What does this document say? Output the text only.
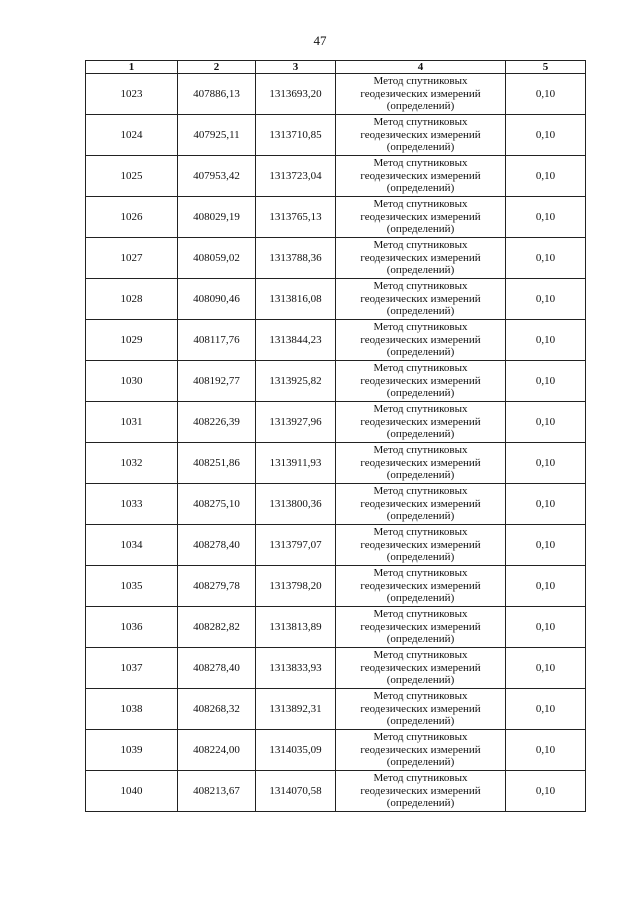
47
1	2	3	4	5
1023	407886,13	1313693,20	Метод спутниковых
геодезических измерений
(определений)	0,10
1024	407925,11	1313710,85	Метод спутниковых
геодезических измерений
(определений)	0,10
1025	407953,42	1313723,04	Метод спутниковых
геодезических измерений
(определений)	0,10
1026	408029,19	1313765,13	Метод спутниковых
геодезических измерений
(определений)	0,10
1027	408059,02	1313788,36	Метод спутниковых
геодезических измерений
(определений)	0,10
1028	408090,46	1313816,08	Метод спутниковых
геодезических измерений
(определений)	0,10
1029	408117,76	1313844,23	Метод спутниковых
геодезических измерений
(определений)	0,10
1030	408192,77	1313925,82	Метод спутниковых
геодезических измерений
(определений)	0,10
1031	408226,39	1313927,96	Метод спутниковых
геодезических измерений
(определений)	0,10
1032	408251,86	1313911,93	Метод спутниковых
геодезических измерений
(определений)	0,10
1033	408275,10	1313800,36	Метод спутниковых
геодезических измерений
(определений)	0,10
1034	408278,40	1313797,07	Метод спутниковых
геодезических измерений
(определений)	0,10
1035	408279,78	1313798,20	Метод спутниковых
геодезических измерений
(определений)	0,10
1036	408282,82	1313813,89	Метод спутниковых
геодезических измерений
(определений)	0,10
1037	408278,40	1313833,93	Метод спутниковых
геодезических измерений
(определений)	0,10
1038	408268,32	1313892,31	Метод спутниковых
геодезических измерений
(определений)	0,10
1039	408224,00	1314035,09	Метод спутниковых
геодезических измерений
(определений)	0,10
1040	408213,67	1314070,58	Метод спутниковых
геодезических измерений
(определений)	0,10
